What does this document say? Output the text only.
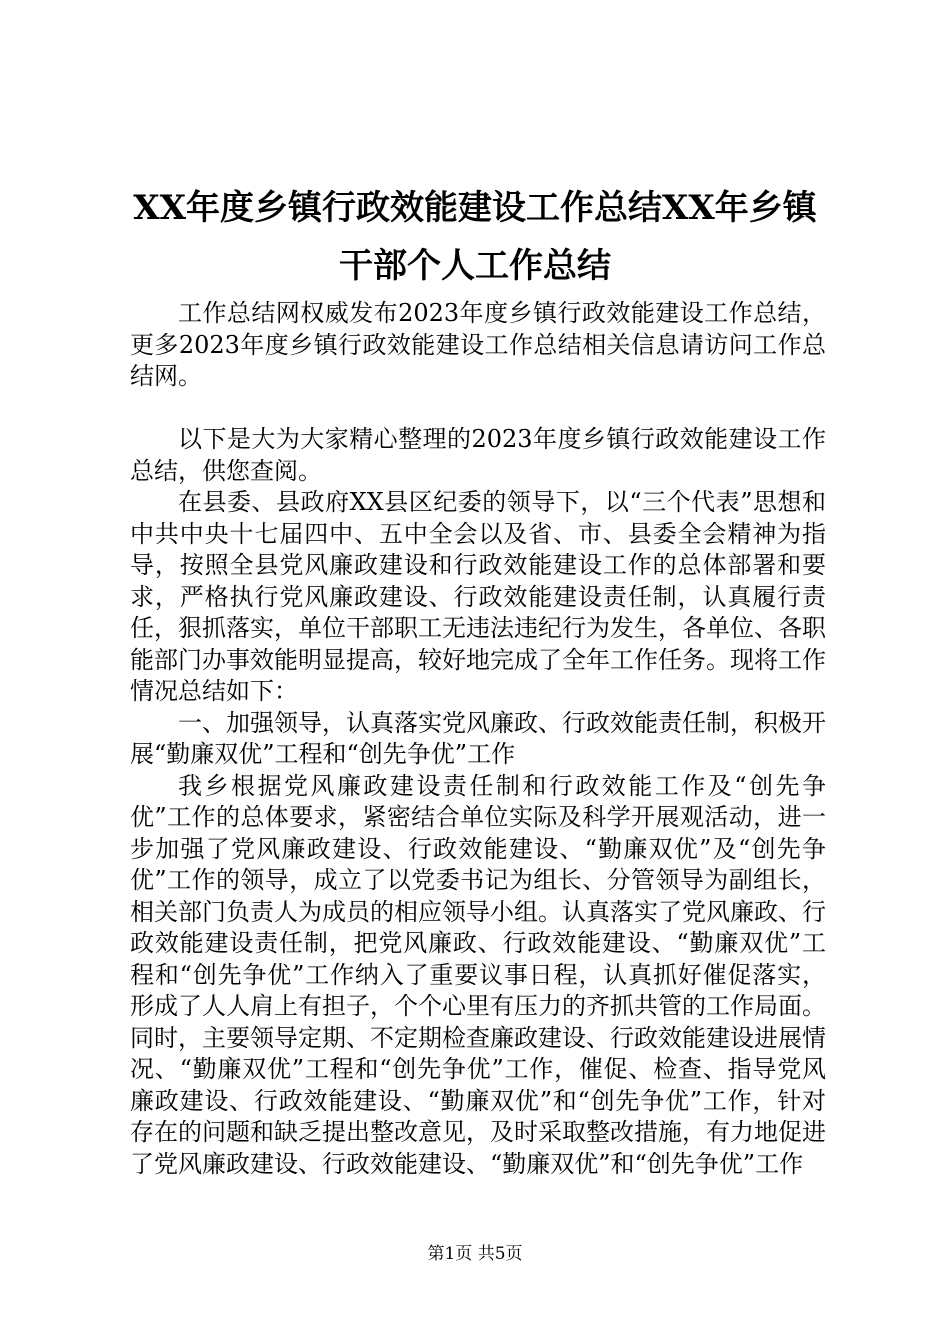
XX年度乡镇行政效能建设工作总结XX年乡镇
干部个人工作总结

工作总结网权威发布2023年度乡镇行政效能建设工作总结，更多2023年度乡镇行政效能建设工作总结相关信息请访问工作总结网。

以下是大为大家精心整理的2023年度乡镇行政效能建设工作总结，供您查阅。

在县委、县政府XX县区纪委的领导下，以“三个代表”思想和中共中央十七届四中、五中全会以及省、市、县委全会精神为指导，按照全县党风廉政建设和行政效能建设工作的总体部署和要求，严格执行党风廉政建设、行政效能建设责任制，认真履行责任，狠抓落实，单位干部职工无违法违纪行为发生，各单位、各职能部门办事效能明显提高，较好地完成了全年工作任务。现将工作情况总结如下：

一、加强领导，认真落实党风廉政、行政效能责任制，积极开展“勤廉双优”工程和“创先争优”工作

我乡根据党风廉政建设责任制和行政效能工作及“创先争优”工作的总体要求，紧密结合单位实际及科学开展观活动，进一步加强了党风廉政建设、行政效能建设、“勤廉双优”及“创先争优”工作的领导，成立了以党委书记为组长、分管领导为副组长，相关部门负责人为成员的相应领导小组。认真落实了党风廉政、行政效能建设责任制，把党风廉政、行政效能建设、“勤廉双优”工程和“创先争优”工作纳入了重要议事日程，认真抓好催促落实，形成了人人肩上有担子，个个心里有压力的齐抓共管的工作局面。同时，主要领导定期、不定期检查廉政建设、行政效能建设进展情况、“勤廉双优”工程和“创先争优”工作，催促、检查、指导党风廉政建设、行政效能建设、“勤廉双优”和“创先争优”工作，针对存在的问题和缺乏提出整改意见，及时采取整改措施，有力地促进了党风廉政建设、行政效能建设、“勤廉双优”和“创先争优”工作

第1页 共5页
